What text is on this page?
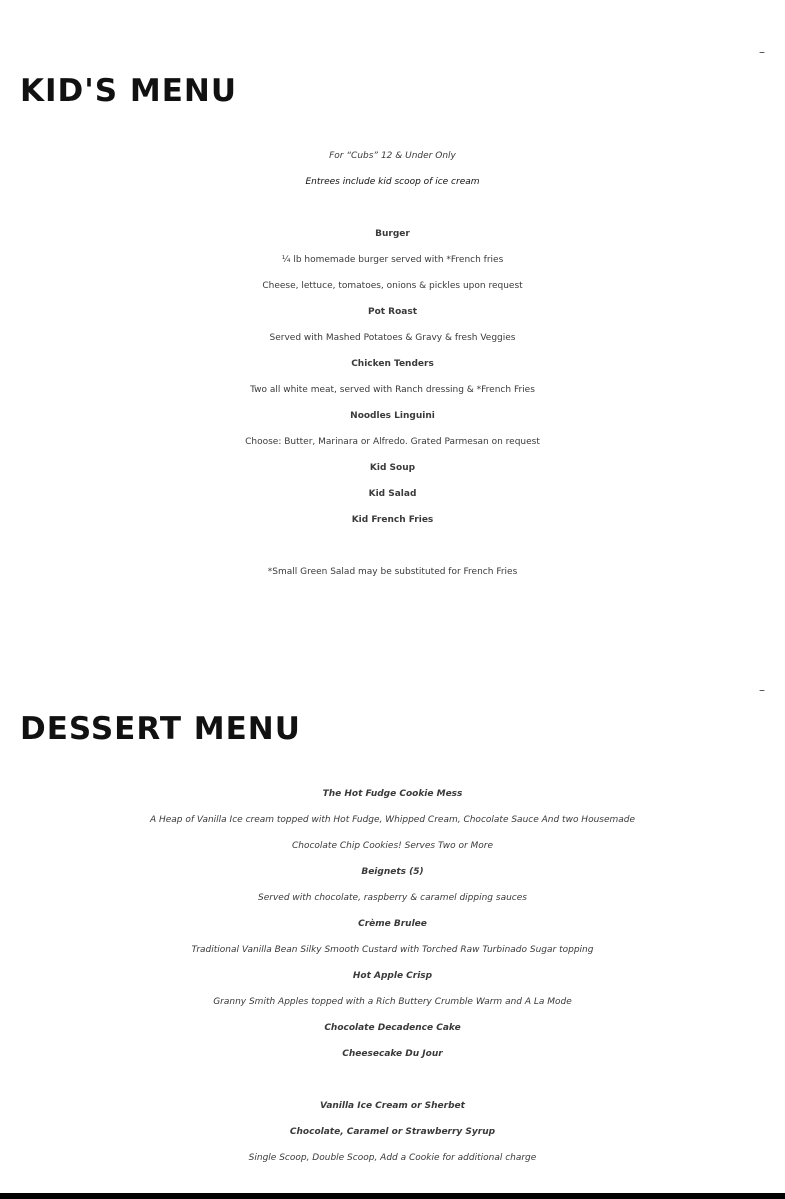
–
KID'S MENU
For “Cubs” 12 & Under Only
Entrees include kid scoop of ice cream
Burger
¼ lb homemade burger served with *French fries
Cheese, lettuce, tomatoes, onions & pickles upon request
Pot Roast
Served with Mashed Potatoes & Gravy & fresh Veggies
Chicken Tenders
Two all white meat, served with Ranch dressing & *French Fries
Noodles Linguini
Choose: Butter, Marinara or Alfredo. Grated Parmesan on request
Kid Soup
Kid Salad
Kid French Fries
*Small Green Salad may be substituted for French Fries
–
DESSERT MENU
The Hot Fudge Cookie Mess
A Heap of Vanilla Ice cream topped with Hot Fudge, Whipped Cream, Chocolate Sauce And two Housemade
Chocolate Chip Cookies! Serves Two or More
Beignets (5)
Served with chocolate, raspberry & caramel dipping sauces
Crème Brulee
Traditional Vanilla Bean Silky Smooth Custard with Torched Raw Turbinado Sugar topping
Hot Apple Crisp
Granny Smith Apples topped with a Rich Buttery Crumble Warm and A La Mode
Chocolate Decadence Cake
Cheesecake Du Jour
Vanilla Ice Cream or Sherbet
Chocolate, Caramel or Strawberry Syrup
Single Scoop, Double Scoop, Add a Cookie for additional charge
